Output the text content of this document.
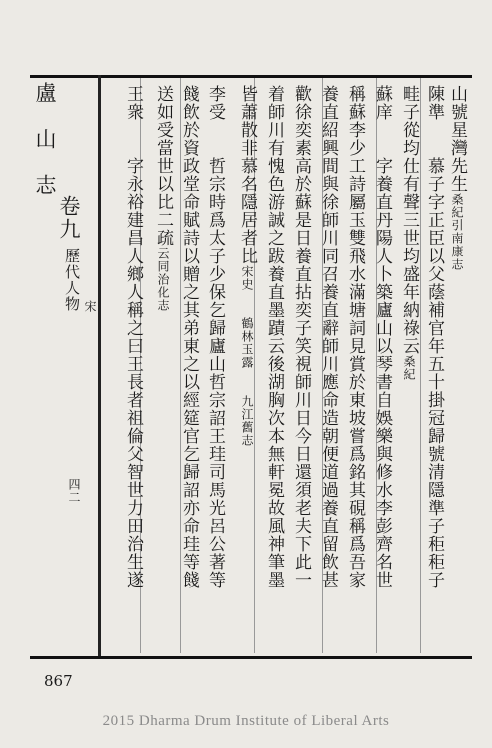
山號星灣先生桑紀引南康志
陳準　　慕子字正臣以父蔭補官年五十掛冠歸號清隱準子秬秬子
畦子從均仕有聲三世均盛年納祿云桑紀
蘇庠　　字養直丹陽人卜築廬山以琴書自娛樂與修水李彭齊名世
稱蘇李少工詩屬玉雙飛水滿塘詞見賞於東坡嘗爲銘其硯稱爲吾家
養直紹興間與徐師川同召養直辭師川應命造朝便道過養直留飲甚
歡徐奕素高於蘇是日養直拈奕子笑視師川日今日還須老夫下此一
着師川有愧色游誠之跋養直墨蹟云後湖胸次本無軒冕故風神筆墨
皆蕭散非慕名隱居者比宋史　　鶴林玉露　　九江舊志
李受　　哲宗時爲太子少保乞歸廬山哲宗詔王珪司馬光呂公著等
餞飲於資政堂命賦詩以贈之其弟東之以經筵官乞歸詔亦命珪等餞
送如受當世以比二疏云同治化志
王衆　　字永裕建昌人鄉人稱之曰王長者祖倫父智世力田治生遂
盧　山　志
卷九
歷代人物 宋
四二
867
2015 Dharma Drum Institute of Liberal Arts
